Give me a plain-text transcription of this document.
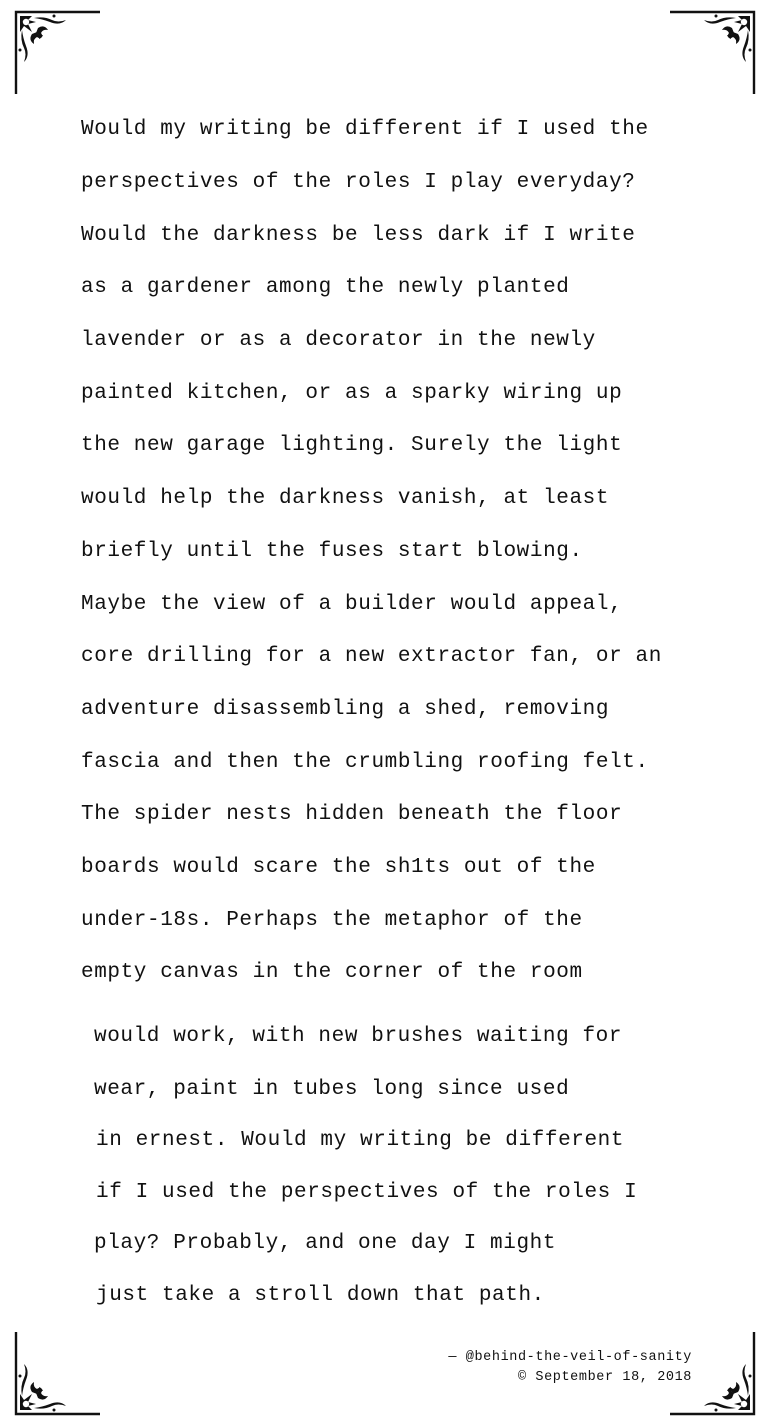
Would my writing be different if I used the
perspectives of the roles I play everyday?
Would the darkness be less dark if I write
as a gardener among the newly planted
lavender or as a decorator in the newly
painted kitchen, or as a sparky wiring up
the new garage lighting. Surely the light
would help the darkness vanish, at least
briefly until the fuses start blowing.
Maybe the view of a builder would appeal,
core drilling for a new extractor fan, or an
adventure disassembling a shed, removing
fascia and then the crumbling roofing felt.
The spider nests hidden beneath the floor
boards would scare the sh1ts out of the
under-18s. Perhaps the metaphor of the
empty canvas in the corner of the room
would work, with new brushes waiting for
wear, paint in tubes long since used
in ernest. Would my writing be different
if I used the perspectives of the roles I
play? Probably, and one day I might
just take a stroll down that path.
— @behind-the-veil-of-sanity
© September 18, 2018
